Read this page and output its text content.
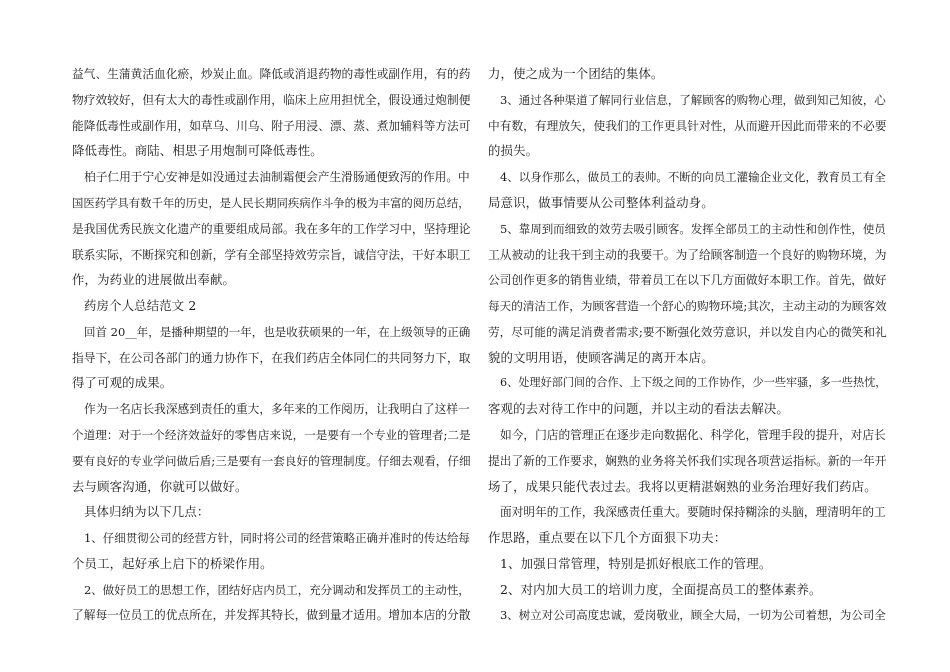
益气、生蒲黄活血化瘀，炒炭止血。降低或消退药物的毒性或副作用，有的药
物疗效较好，但有太大的毒性或副作用，临床上应用担忧全，假设通过炮制便
能降低毒性或副作用，如草乌、川乌、附子用浸、漂、蒸、煮加辅料等方法可
降低毒性。商陆、相思子用炮制可降低毒性。
柏子仁用于宁心安神是如没通过去油制霜便会产生滑肠通便致泻的作用。中
国医药学具有数千年的历史，是人民长期同疾病作斗争的极为丰富的阅历总结，
是我国优秀民族文化遗产的重要组成局部。我在多年的工作学习中，坚持理论
联系实际，不断探究和创新，学有全部坚持效劳宗旨，诚信守法，干好本职工
作，为药业的进展做出奉献。
药房个人总结范文 2
回首 20__年，是播种期望的一年，也是收获硕果的一年，在上级领导的正确
指导下，在公司各部门的通力协作下，在我们药店全体同仁的共同努力下，取
得了可观的成果。
作为一名店长我深感到责任的重大，多年来的工作阅历，让我明白了这样一
个道理：对于一个经济效益好的零售店来说，一是要有一个专业的管理者;二是
要有良好的专业学问做后盾;三是要有一套良好的管理制度。仔细去观看，仔细
去与顾客沟通，你就可以做好。
具体归纳为以下几点：
1、仔细贯彻公司的经营方针，同时将公司的经营策略正确并准时的传达给每
个员工，起好承上启下的桥梁作用。
2、做好员工的思想工作，团结好店内员工，充分调动和发挥员工的主动性，
了解每一位员工的优点所在，并发挥其特长，做到量才适用。增加本店的分散
力，使之成为一个团结的集体。
3、通过各种渠道了解同行业信息，了解顾客的购物心理，做到知己知彼，心
中有数，有理放矢，使我们的工作更具针对性，从而避开因此而带来的不必要
的损失。
4、以身作那么，做员工的表帅。不断的向员工灌输企业文化，教育员工有全
局意识，做事情要从公司整体利益动身。
5、靠周到而细致的效劳去吸引顾客。发挥全部员工的主动性和创作性，使员
工从被动的让我干到主动的我要干。为了给顾客制造一个良好的购物环境，为
公司创作更多的销售业绩，带着员工在以下几方面做好本职工作。首先，做好
每天的清洁工作，为顾客营造一个舒心的购物环境;其次，主动主动的为顾客效
劳，尽可能的满足消费者需求;要不断强化效劳意识，并以发自内心的微笑和礼
貌的文明用语，使顾客满足的离开本店。
6、处理好部门间的合作、上下级之间的工作协作，少一些牢骚，多一些热忱，
客观的去对待工作中的问题，并以主动的看法去解决。
如今，门店的管理正在逐步走向数据化、科学化，管理手段的提升，对店长
提出了新的工作要求，娴熟的业务将关怀我们实现各项营运指标。新的一年开
场了，成果只能代表过去。我将以更精湛娴熟的业务治理好我们药店。
面对明年的工作，我深感责任重大。要随时保持糊涂的头脑，理清明年的工
作思路，重点要在以下几个方面狠下功夫：
1、加强日常管理，特别是抓好根底工作的管理。
2、对内加大员工的培训力度，全面提高员工的整体素养。
3、树立对公司高度忠诚，爱岗敬业，顾全大局，一切为公司着想，为公司全
